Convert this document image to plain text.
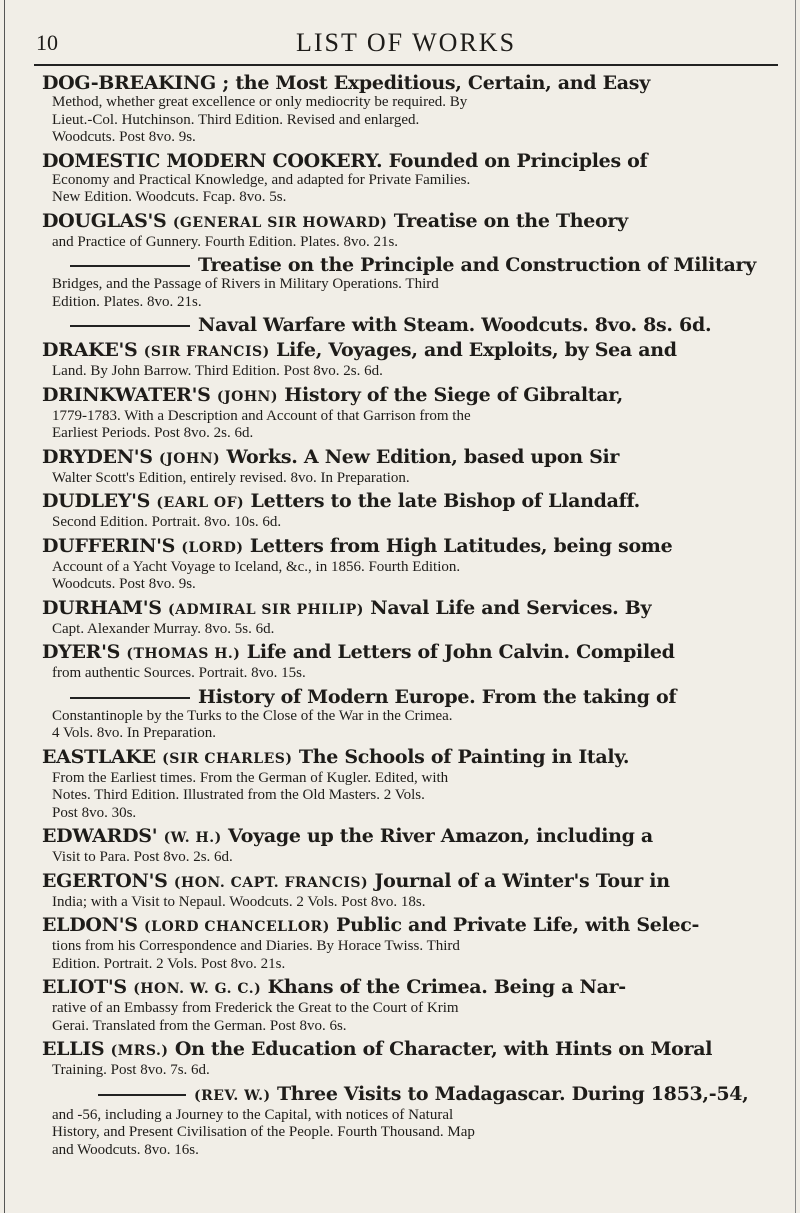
10	LIST OF WORKS
DOG-BREAKING ; the Most Expeditious, Certain, and Easy
Method, whether great excellence or only mediocrity be required. By
Lieut.-Col. Hutchinson. Third Edition. Revised and enlarged.
Woodcuts. Post 8vo. 9s.
DOMESTIC MODERN COOKERY. Founded on Principles of
Economy and Practical Knowledge, and adapted for Private Families.
New Edition. Woodcuts. Fcap. 8vo. 5s.
DOUGLAS'S (GENERAL SIR HOWARD) Treatise on the Theory
and Practice of Gunnery. Fourth Edition. Plates. 8vo. 21s.
Treatise on the Principle and Construction of Military
Bridges, and the Passage of Rivers in Military Operations. Third
Edition. Plates. 8vo. 21s.
Naval Warfare with Steam. Woodcuts. 8vo. 8s. 6d.
DRAKE'S (SIR FRANCIS) Life, Voyages, and Exploits, by Sea and
Land. By John Barrow. Third Edition. Post 8vo. 2s. 6d.
DRINKWATER'S (JOHN) History of the Siege of Gibraltar,
1779-1783. With a Description and Account of that Garrison from the
Earliest Periods. Post 8vo. 2s. 6d.
DRYDEN'S (JOHN) Works. A New Edition, based upon Sir
Walter Scott's Edition, entirely revised. 8vo. In Preparation.
DUDLEY'S (EARL OF) Letters to the late Bishop of Llandaff.
Second Edition. Portrait. 8vo. 10s. 6d.
DUFFERIN'S (LORD) Letters from High Latitudes, being some
Account of a Yacht Voyage to Iceland, &c., in 1856. Fourth Edition.
Woodcuts. Post 8vo. 9s.
DURHAM'S (ADMIRAL SIR PHILIP) Naval Life and Services. By
Capt. Alexander Murray. 8vo. 5s. 6d.
DYER'S (THOMAS H.) Life and Letters of John Calvin. Compiled
from authentic Sources. Portrait. 8vo. 15s.
History of Modern Europe. From the taking of
Constantinople by the Turks to the Close of the War in the Crimea.
4 Vols. 8vo. In Preparation.
EASTLAKE (SIR CHARLES) The Schools of Painting in Italy.
From the Earliest times. From the German of Kugler. Edited, with
Notes. Third Edition. Illustrated from the Old Masters. 2 Vols.
Post 8vo. 30s.
EDWARDS' (W. H.) Voyage up the River Amazon, including a
Visit to Para. Post 8vo. 2s. 6d.
EGERTON'S (HON. CAPT. FRANCIS) Journal of a Winter's Tour in
India; with a Visit to Nepaul. Woodcuts. 2 Vols. Post 8vo. 18s.
ELDON'S (LORD CHANCELLOR) Public and Private Life, with Selec-
tions from his Correspondence and Diaries. By Horace Twiss. Third
Edition. Portrait. 2 Vols. Post 8vo. 21s.
ELIOT'S (HON. W. G. C.) Khans of the Crimea. Being a Nar-
rative of an Embassy from Frederick the Great to the Court of Krim
Gerai. Translated from the German. Post 8vo. 6s.
ELLIS (MRS.) On the Education of Character, with Hints on Moral
Training. Post 8vo. 7s. 6d.
(REV. W.) Three Visits to Madagascar. During 1853,-54,
and -56, including a Journey to the Capital, with notices of Natural
History, and Present Civilisation of the People. Fourth Thousand. Map
and Woodcuts. 8vo. 16s.
